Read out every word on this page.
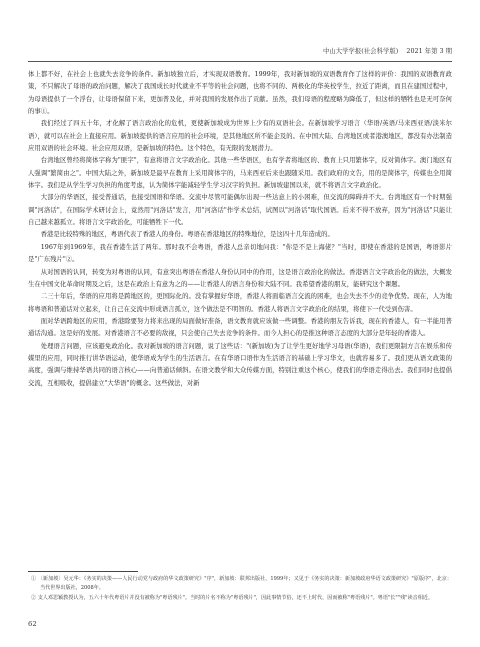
中山大学学报(社会科学版) 2021 年第 3 期

体上都不好，在社会上也就失去竞争的条件。新加坡独立后，才实现双语教育。1999年，我对新加坡的双语教育作了这样的评价：我国的双语教育政策，不只解决了母语的政治问题，解决了我国成长时代就业不平等的社会问题，也将不同的、两极化的华英校学生，拉近了距离，而且在建国过程中，为母语提供了一个浮台，让母语保留下来，更加普及化，并对我国的发展作出了贡献。虽然，我们母语的程度略为降低了，但这样的牺牲也是无可奈何的事①。

我们经过了四五十年，才化解了语言政治化的危机，更使新加坡成为世界上少有的双语社会。在新加坡学习语言（华语/英语/马来西亚语/淡米尔语），就可以在社会上直接应用。新加坡提供的语言应用的社会环境，是其他地区所不能企及的。在中国大陆、台湾地区或者港澳地区，都没有办法制造应用双语的社会环境。社会应用双语，是新加坡的特色。这个特色，有无限的发展潜力。

台湾地区曾经将简体字称为"匪字"，有意将语言文字政治化。其他一些华语区，也有学者将地区的、教育上只用繁体字，反对简体字。澳门地区有人强调"繁简由之"。中国大陆之外，新加坡是最早在教育上采用简体字的，马来西亚后来也跟随采用。我们政府的文告，用的是简体字，传媒也全用简体字。我们是从学生学习负担的角度考虑，认为简体字能减轻学生学习汉字的负担。新加坡建国以来，就不将语言文字政治化。

大部分的华语区，接受普通话，也接受国语和华语。交流中尽管可能偶尔出现一些达意上的小困难，但交流的障碍并不大。台湾地区有一个时期强调"河洛话"，在国际学术研讨会上，竟然用"河洛话"发言，用"河洛话"作学术总结，试图以"河洛话"取代国语。后来不得不放弃，因为"河洛话"只能让自己越来越孤立。将语言文字政治化，可能牺牲下一代。

香港是比较特殊的地区，粤语代表了香港人的身份。粤语在香港地区的特殊地位，是这四十几年造成的。

1967年到1969年，我在香港生活了两年。那时我不会粤语，香港人总亲切地问我："你是不是上海佬？"当时，即使在香港的是国语，粤语影片是"广东残片"②。

从对国语的认同，转变为对粤语的认同，有意突出粤语在香港人身份认同中的作用，这是语言政治化的做法。香港语言文字政治化的做法，大概发生在中国文化革命时期及之后，这是在政治上有意为之的——让香港人的语言身份和大陆不同。我希望香港的朋友，能研究这个课题。

二三十年后，华语的应用将是跨地区的，更国际化的。没有掌握好华语，香港人将面临语言交流的困难，也会失去不少的竞争优势。现在，人为地将粤语和普通话对立起来，让自己在交流中形成语言孤立，这个做法是不明智的。香港人将语言文字政治化的结果，将使下一代受到伤害。

面对华语跨地区的应用，香港除要努力将来出现的局面做好准备，语文教育就应该做一些调整。香港的朋友告诉我，现在的香港人，有一半能用普通话沟通。这是好的发展。对香港语言不必要的敌视，只会使自己失去竞争的条件。而今人担心的是推这种语言态度的大部分是年轻的香港人。

处理语言问题，应该避免政治化。我对新加坡的语言问题，说了这些话："(新加坡)为了让学生更好地学习母语(华语)，我们更限制方言在娱乐和传媒里的应用，同时推行讲华语运动，使华语成为学生的生活语言。在有华语口语作为生活语言的基础上学习华文，也就容易多了。我们更从语文政策的高度，强调与维持华语共同的语言核心——向普通话倾斜。在语文教学和大众传媒方面，特别注重这个核心，使我们的华语走得出去。我们同时也提倡交流，互相吸收，提倡建立"大华语"的概念。这些做法，对新

① 〔新加坡〕吴元华：《务实的决策——人民行动党与政府的华文政策研究》"序"，新加坡：联邦出版社，1999年；又见于《务实的决策：新加坡政府华语文政策研究》"原版序"，北京：当代世界出版社，2008年。

② 支人邓思颖教授认为，五六十年代粤语片并没有被称为"粤语残片"。当时的片名不称为"粤语残片"，因此事情节俗，还不上时代，因而被称"粤语残片"。粤语"长""残"读音相近。

62
